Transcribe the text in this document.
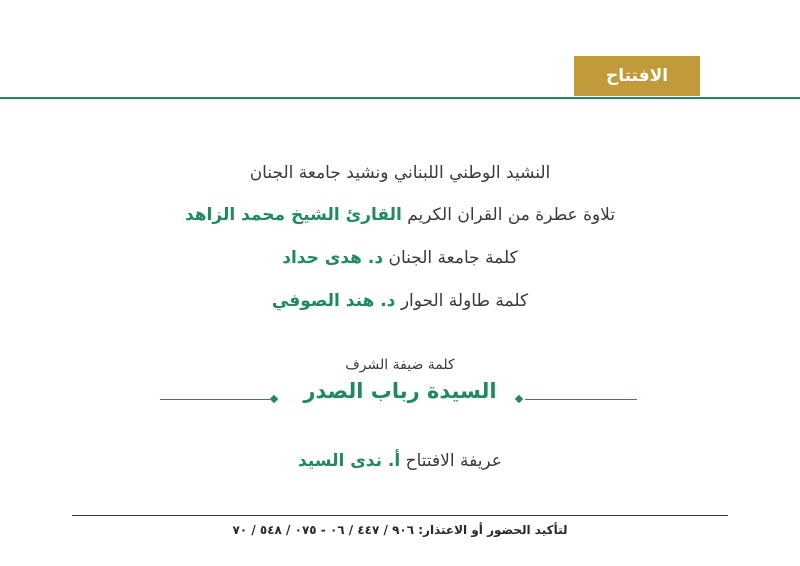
الافتتاح
النشيد الوطني اللبناني ونشيد جامعة الجنان
تلاوة عطرة من القران الكريم القارئ الشيخ محمد الزاهد
كلمة جامعة الجنان د. هدى حداد
كلمة طاولة الحوار د. هند الصوفي
كلمة ضيفة الشرف
السيدة رباب الصدر
عريفة الافتتاح أ. ندى السيد
لتأكيد الحضور أو الاعتذار: ٩٠٦ / ٤٤٧ / ٠٦ - ٠٧٥ / ٥٤٨ / ٧٠
